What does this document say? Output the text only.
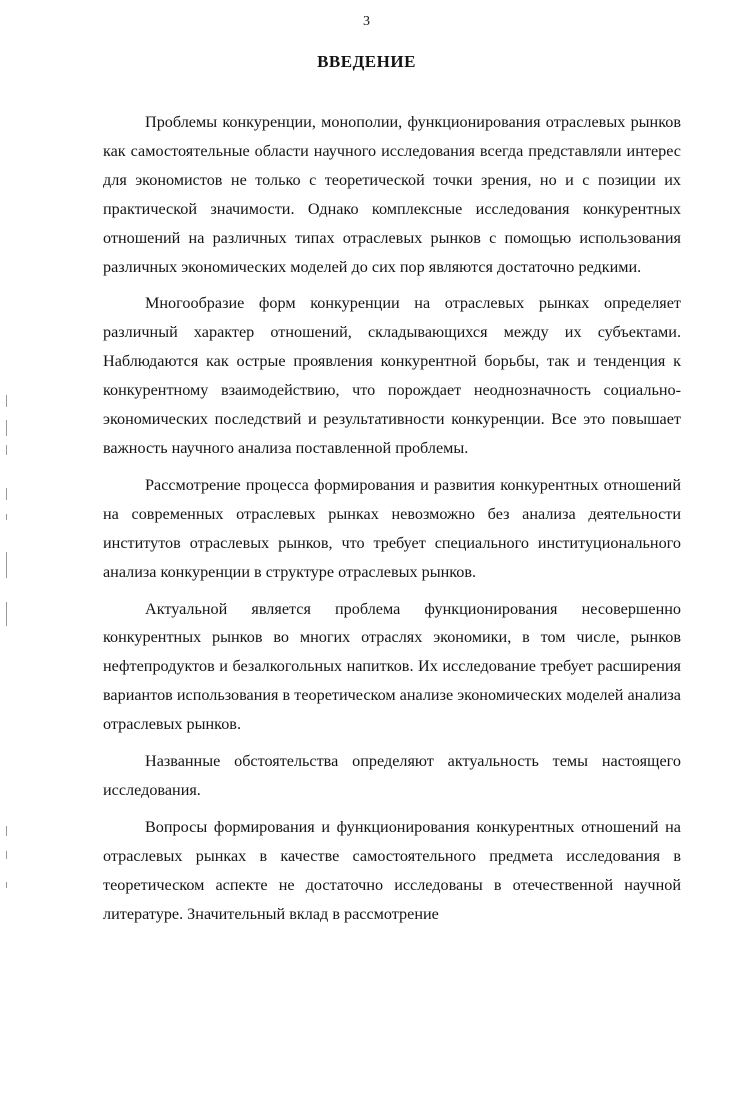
3
ВВЕДЕНИЕ

Проблемы конкуренции, монополии, функционирования отраслевых рынков как самостоятельные области научного исследования всегда представляли интерес для экономистов не только с теоретической точки зрения, но и с позиции их практической значимости. Однако комплексные исследования конкурентных отношений на различных типах отраслевых рынков с помощью использования различных экономических моделей до сих пор являются достаточно редкими.

Многообразие форм конкуренции на отраслевых рынках определяет различный характер отношений, складывающихся между их субъектами. Наблюдаются как острые проявления конкурентной борьбы, так и тенденция к конкурентному взаимодействию, что порождает неоднозначность социально-экономических последствий и результативности конкуренции. Все это повышает важность научного анализа поставленной проблемы.

Рассмотрение процесса формирования и развития конкурентных отношений на современных отраслевых рынках невозможно без анализа деятельности институтов отраслевых рынков, что требует специального институционального анализа конкуренции в структуре отраслевых рынков.

Актуальной является проблема функционирования несовершенно конкурентных рынков во многих отраслях экономики, в том числе, рынков нефтепродуктов и безалкогольных напитков. Их исследование требует расширения вариантов использования в теоретическом анализе экономических моделей анализа отраслевых рынков.

Названные обстоятельства определяют актуальность темы настоящего исследования.

Вопросы формирования и функционирования конкурентных отношений на отраслевых рынках в качестве самостоятельного предмета исследования в теоретическом аспекте не достаточно исследованы в отечественной научной литературе. Значительный вклад в рассмотрение
